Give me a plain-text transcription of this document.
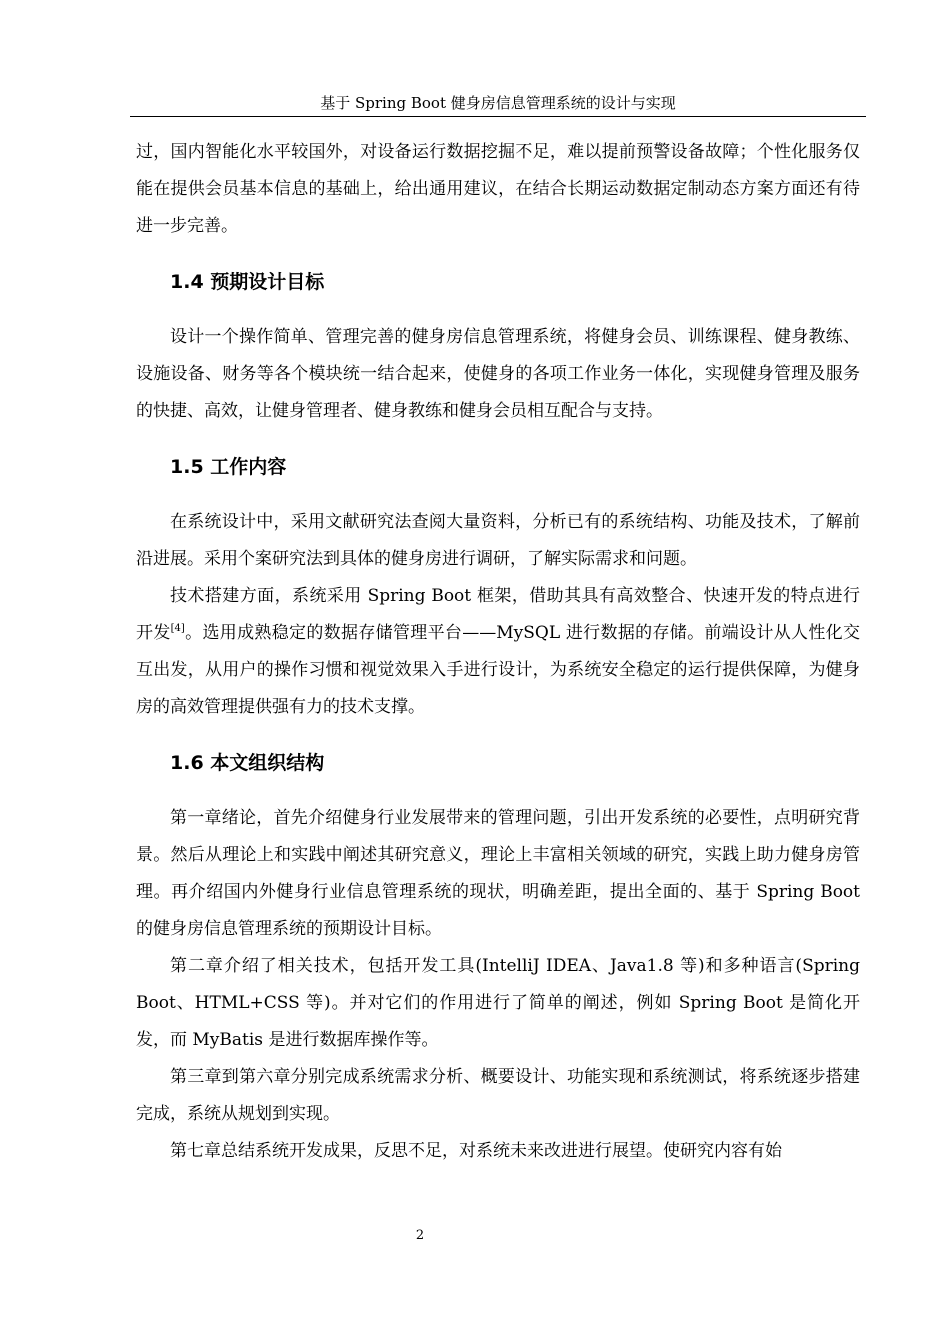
基于 Spring Boot 健身房信息管理系统的设计与实现

过，国内智能化水平较国外，对设备运行数据挖掘不足，难以提前预警设备故障；个性化服务仅能在提供会员基本信息的基础上，给出通用建议，在结合长期运动数据定制动态方案方面还有待进一步完善。

1.4 预期设计目标

设计一个操作简单、管理完善的健身房信息管理系统，将健身会员、训练课程、健身教练、设施设备、财务等各个模块统一结合起来，使健身的各项工作业务一体化，实现健身管理及服务的快捷、高效，让健身管理者、健身教练和健身会员相互配合与支持。

1.5 工作内容

在系统设计中，采用文献研究法查阅大量资料，分析已有的系统结构、功能及技术，了解前沿进展。采用个案研究法到具体的健身房进行调研，了解实际需求和问题。

技术搭建方面，系统采用 Spring Boot 框架，借助其具有高效整合、快速开发的特点进行开发[4]。选用成熟稳定的数据存储管理平台——MySQL 进行数据的存储。前端设计从人性化交互出发，从用户的操作习惯和视觉效果入手进行设计，为系统安全稳定的运行提供保障，为健身房的高效管理提供强有力的技术支撑。

1.6 本文组织结构

第一章绪论，首先介绍健身行业发展带来的管理问题，引出开发系统的必要性，点明研究背景。然后从理论上和实践中阐述其研究意义，理论上丰富相关领域的研究，实践上助力健身房管理。再介绍国内外健身行业信息管理系统的现状，明确差距，提出全面的、基于 Spring Boot 的健身房信息管理系统的预期设计目标。

第二章介绍了相关技术，包括开发工具(IntelliJ IDEA、Java1.8 等)和多种语言(Spring Boot、HTML+CSS 等)。并对它们的作用进行了简单的阐述，例如 Spring Boot 是简化开发，而 MyBatis 是进行数据库操作等。

第三章到第六章分别完成系统需求分析、概要设计、功能实现和系统测试，将系统逐步搭建完成，系统从规划到实现。

第七章总结系统开发成果，反思不足，对系统未来改进进行展望。使研究内容有始

2
